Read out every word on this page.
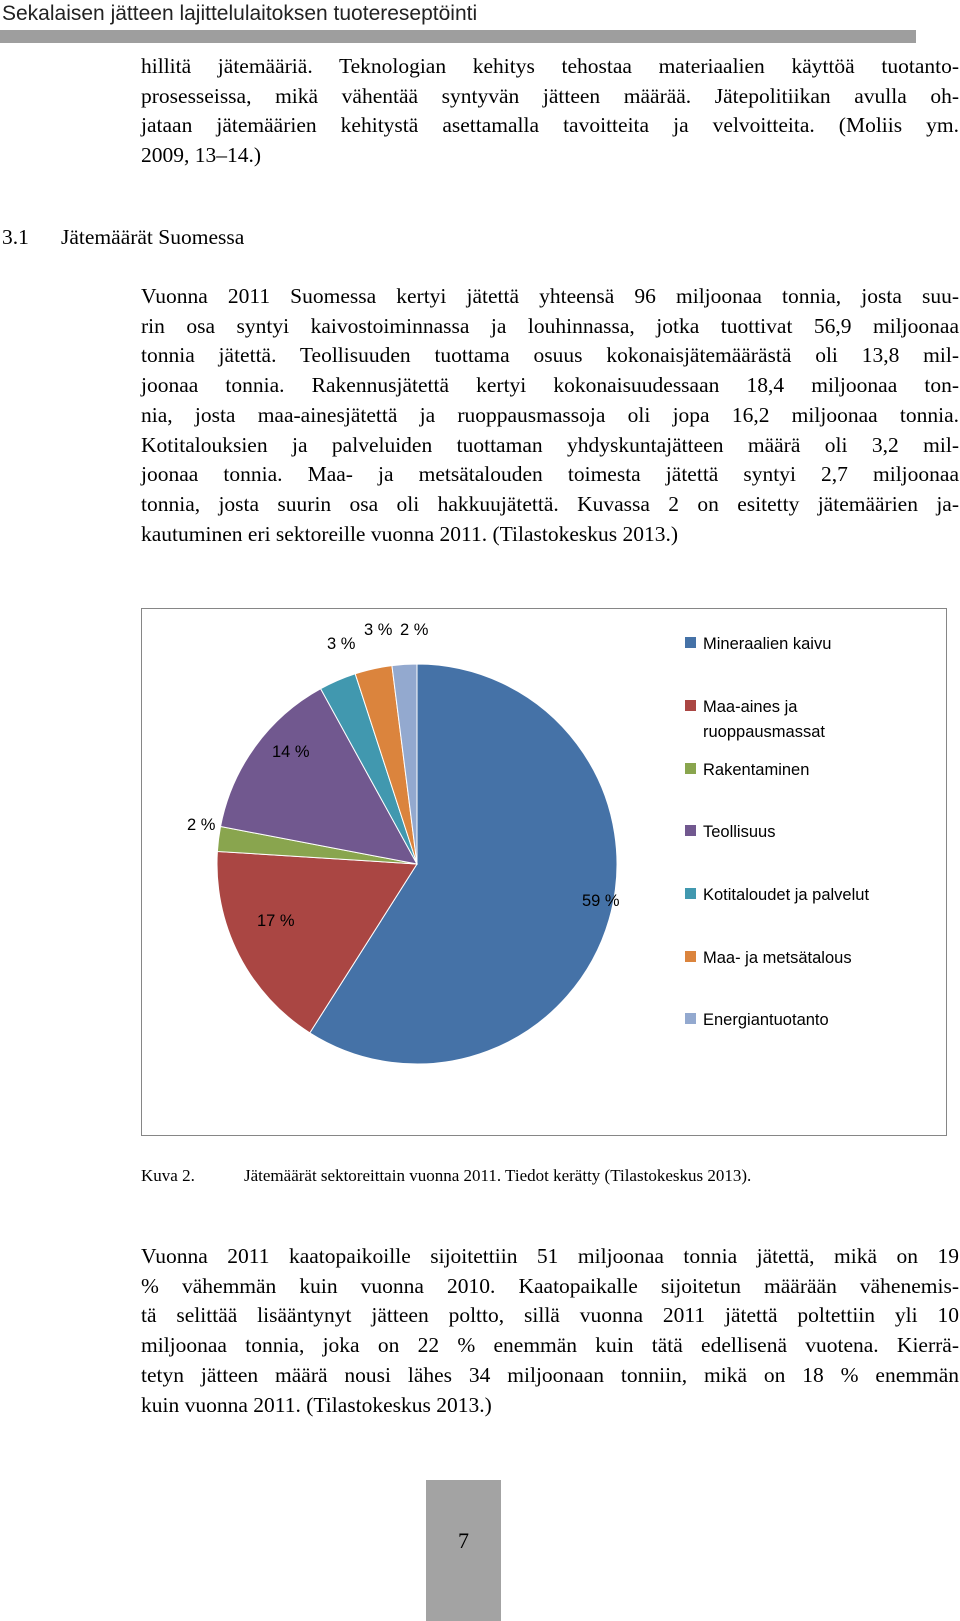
Sekalaisen jätteen lajittelulaitoksen tuotereseptöinti
hillitä jätemääriä. Teknologian kehitys tehostaa materiaalien käyttöä tuotanto-
prosesseissa, mikä vähentää syntyvän jätteen määrää. Jätepolitiikan avulla oh-
jataan jätemäärien kehitystä asettamalla tavoitteita ja velvoitteita. (Moliis ym.
2009, 13–14.)
3.1 Jätemäärät Suomessa
Vuonna 2011 Suomessa kertyi jätettä yhteensä 96 miljoonaa tonnia, josta suu-
rin osa syntyi kaivostoiminnassa ja louhinnassa, jotka tuottivat 56,9 miljoonaa
tonnia jätettä. Teollisuuden tuottama osuus kokonaisjätemäärästä oli 13,8 mil-
joonaa tonnia. Rakennusjätettä kertyi kokonaisuudessaan 18,4 miljoonaa ton-
nia, josta maa-ainesjätettä ja ruoppausmassoja oli jopa 16,2 miljoonaa tonnia.
Kotitalouksien ja palveluiden tuottaman yhdyskuntajätteen määrä oli 3,2 mil-
joonaa tonnia. Maa- ja metsätalouden toimesta jätettä syntyi 2,7 miljoonaa
tonnia, josta suurin osa oli hakkuujätettä. Kuvassa 2 on esitetty jätemäärien ja-
kautuminen eri sektoreille vuonna 2011. (Tilastokeskus 2013.)
59 %
17 %
2 %
14 %
3 %
3 % 2 %
Mineraalien kaivu
Maa-aines ja
ruoppausmassat
Rakentaminen
Teollisuus
Kotitaloudet ja palvelut
Maa- ja metsätalous
Energiantuotanto
Kuva 2.	Jätemäärät sektoreittain vuonna 2011. Tiedot kerätty (Tilastokeskus 2013).
Vuonna 2011 kaatopaikoille sijoitettiin 51 miljoonaa tonnia jätettä, mikä on 19
% vähemmän kuin vuonna 2010. Kaatopaikalle sijoitetun määrään vähenemis-
tä selittää lisääntynyt jätteen poltto, sillä vuonna 2011 jätettä poltettiin yli 10
miljoonaa tonnia, joka on 22 % enemmän kuin tätä edellisenä vuotena. Kierrä-
tetyn jätteen määrä nousi lähes 34 miljoonaan tonniin, mikä on 18 % enemmän
kuin vuonna 2011. (Tilastokeskus 2013.)
7
